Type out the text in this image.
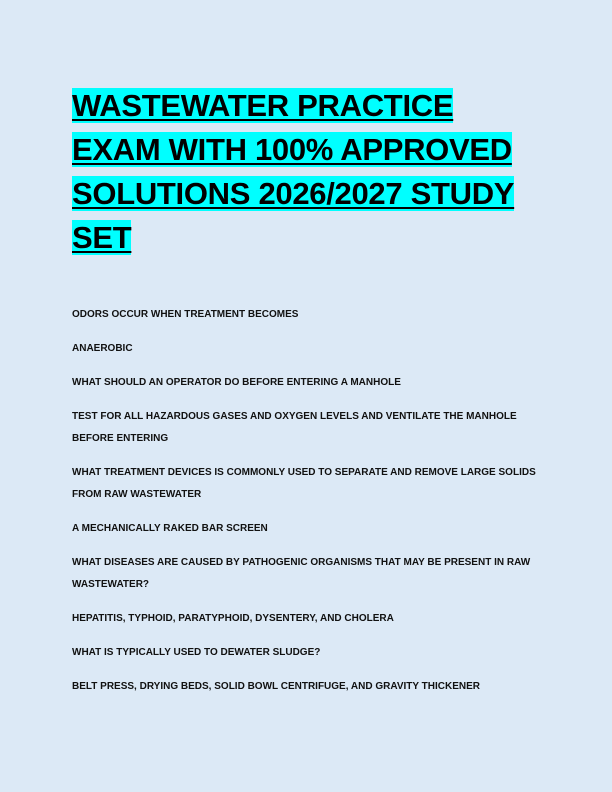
WASTEWATER PRACTICE EXAM WITH 100% APPROVED SOLUTIONS 2026/2027 STUDY SET

ODORS OCCUR WHEN TREATMENT BECOMES

ANAEROBIC

WHAT SHOULD AN OPERATOR DO BEFORE ENTERING A MANHOLE

TEST FOR ALL HAZARDOUS GASES AND OXYGEN LEVELS AND VENTILATE THE MANHOLE BEFORE ENTERING

WHAT TREATMENT DEVICES IS COMMONLY USED TO SEPARATE AND REMOVE LARGE SOLIDS FROM RAW WASTEWATER

A MECHANICALLY RAKED BAR SCREEN

WHAT DISEASES ARE CAUSED BY PATHOGENIC ORGANISMS THAT MAY BE PRESENT IN RAW WASTEWATER?

HEPATITIS, TYPHOID, PARATYPHOID, DYSENTERY, AND CHOLERA

WHAT IS TYPICALLY USED TO DEWATER SLUDGE?

BELT PRESS, DRYING BEDS, SOLID BOWL CENTRIFUGE, AND GRAVITY THICKENER
